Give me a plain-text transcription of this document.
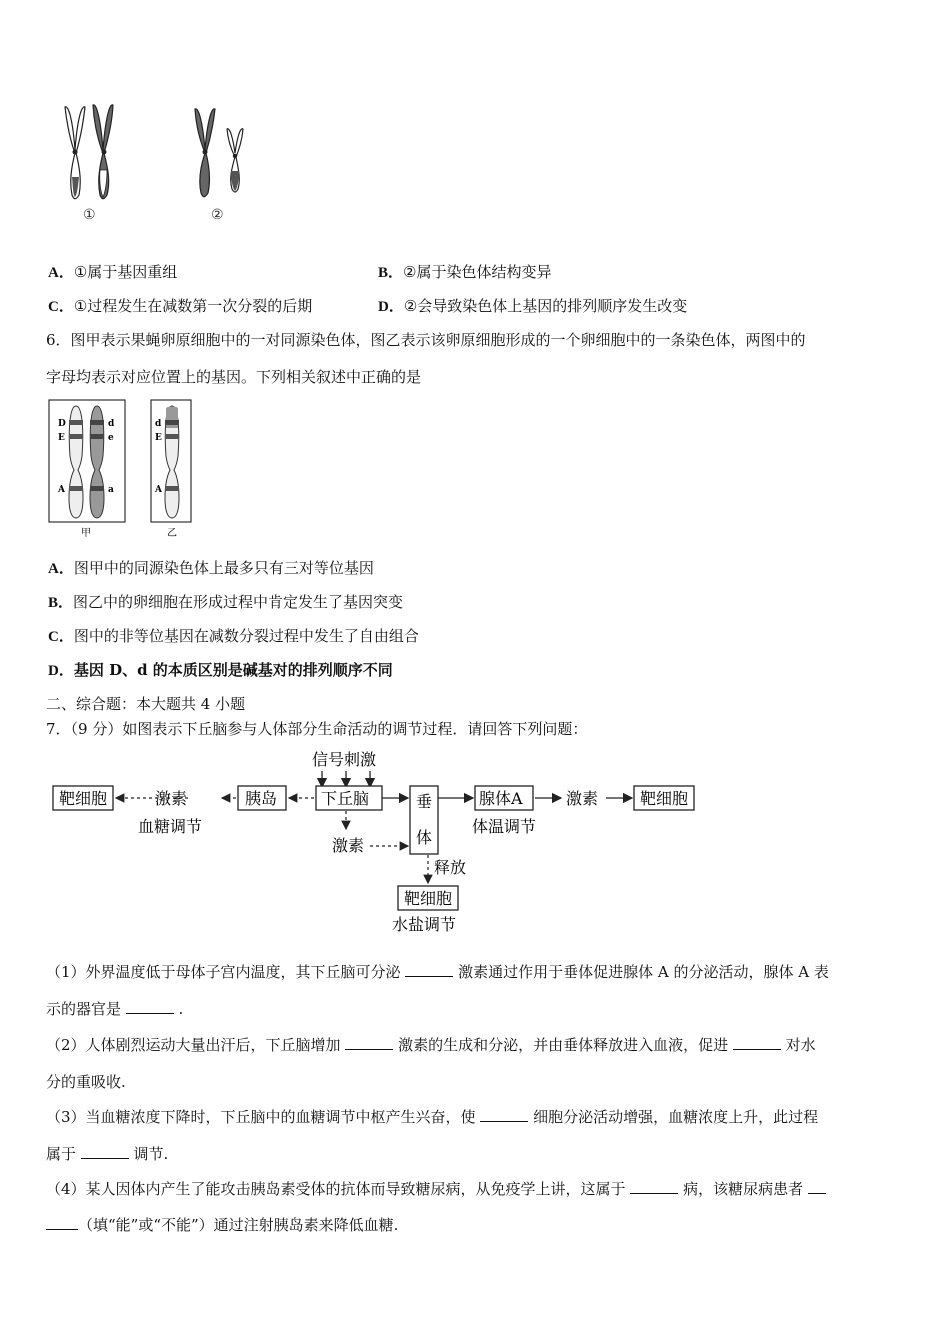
①	②
A．①属于基因重组	B．②属于染色体结构变异
C．①过程发生在减数第一次分裂的后期	D．②会导致染色体上基因的排列顺序发生改变
6．图甲表示果蝇卵原细胞中的一对同源染色体，图乙表示该卵原细胞形成的一个卵细胞中的一条染色体，两图中的
字母均表示对应位置上的基因。下列相关叙述中正确的是
D
E
A
d
e
a
甲
d
E
A
乙
A．图甲中的同源染色体上最多只有三对等位基因
B．图乙中的卵细胞在形成过程中肯定发生了基因突变
C．图中的非等位基因在减数分裂过程中发生了自由组合
D．基因 D、d 的本质区别是碱基对的排列顺序不同
二、综合题：本大题共 4 小题
7．（9 分）如图表示下丘脑参与人体部分生命活动的调节过程．请回答下列问题：
信号刺激
靶细胞	激素
血糖调节
胰岛	下丘脑
激素
垂
体
腺体A
体温调节
激素	靶细胞
释放
靶细胞
水盐调节
（1）外界温度低于母体子宫内温度，其下丘脑可分泌	激素通过作用于垂体促进腺体 A 的分泌活动，腺体 A 表
示的器官是	.
（2）人体剧烈运动大量出汗后，下丘脑增加	激素的生成和分泌，并由垂体释放进入血液，促进	对水
分的重吸收.
（3）当血糖浓度下降时，下丘脑中的血糖调节中枢产生兴奋，使	细胞分泌活动增强，血糖浓度上升，此过程
属于	调节.
（4）某人因体内产生了能攻击胰岛素受体的抗体而导致糖尿病，从免疫学上讲，这属于	病，该糖尿病患者
（填“能”或“不能”）通过注射胰岛素来降低血糖.
